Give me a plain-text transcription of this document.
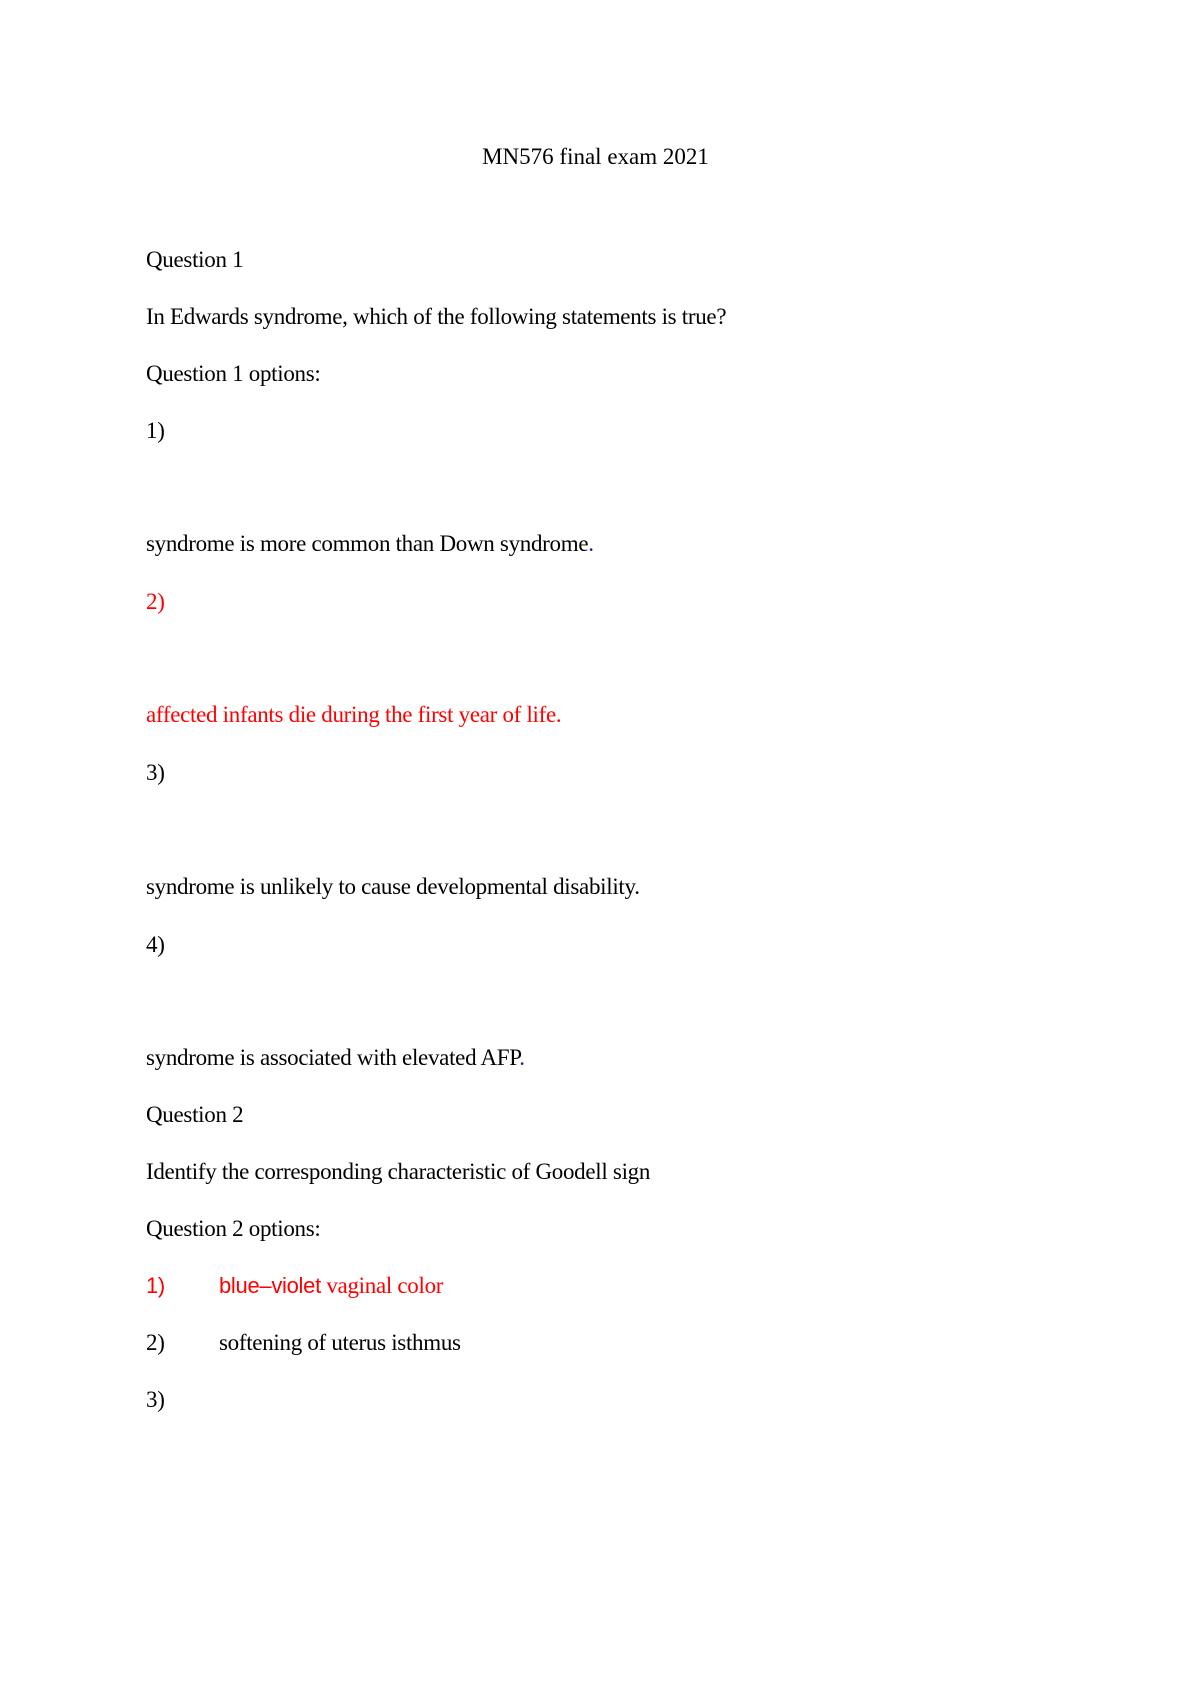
MN576 final exam 2021
Question 1
In Edwards syndrome, which of the following statements is true?
Question 1 options:
1)
syndrome is more common than Down syndrome.
2)
affected infants die during the first year of life.
3)
syndrome is unlikely to cause developmental disability.
4)
syndrome is associated with elevated AFP.
Question 2
Identify the corresponding characteristic of Goodell sign
Question 2 options:
1) blue–violet vaginal color
2) softening of uterus isthmus
3)
